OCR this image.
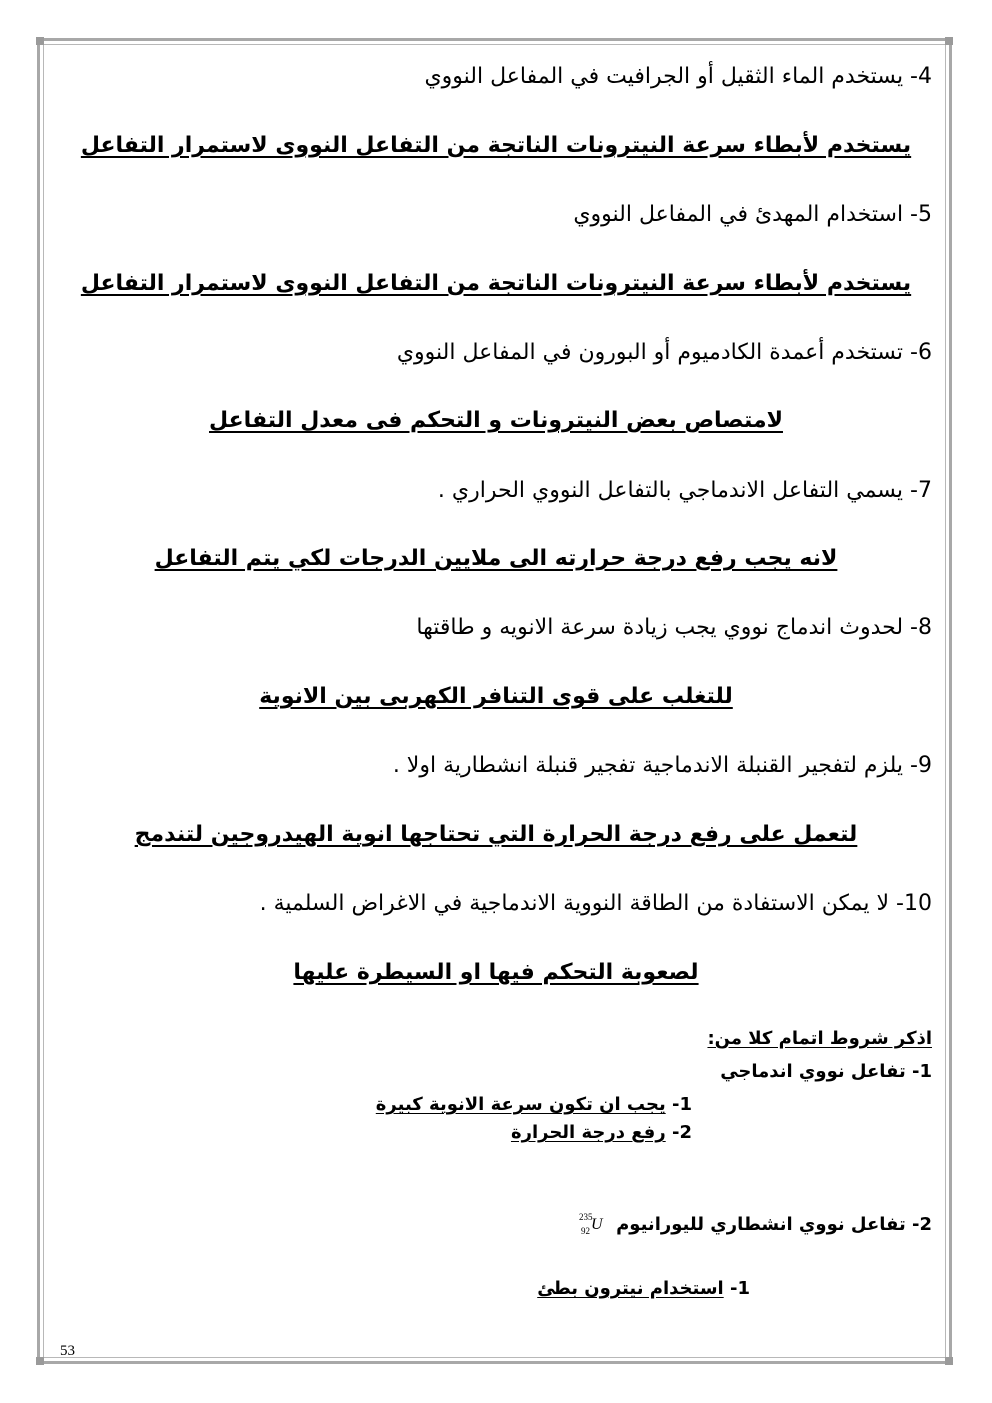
4- يستخدم الماء الثقيل أو الجرافيت في المفاعل النووي
يستخدم لأبطاء سرعة النيترونات الناتجة من التفاعل النووى لاستمرار التفاعل
5- استخدام المهدئ في المفاعل النووي
يستخدم لأبطاء سرعة النيترونات الناتجة من التفاعل النووى لاستمرار التفاعل
6- تستخدم أعمدة الكادميوم أو البورون في المفاعل النووي
لامتصاص بعض النيترونات و التحكم فى معدل التفاعل
7- يسمي التفاعل الاندماجي بالتفاعل النووي الحراري .
لانه يجب رفع درجة حرارته الى ملايين الدرجات لكي يتم التفاعل
8- لحدوث اندماج نووي يجب زيادة سرعة الانويه و طاقتها
للتغلب على قوى التنافر الكهربى بين الانوية
9- يلزم لتفجير القنبلة الاندماجية تفجير قنبلة انشطارية اولا .
لتعمل على رفع درجة الحرارة التي تحتاجها انوية الهيدروجين لتندمج
10- لا يمكن الاستفادة من الطاقة النووية الاندماجية في الاغراض السلمية .
لصعوبة التحكم فيها او السيطرة عليها
اذكر شروط اتمام كلا من:
1- تفاعل نووي اندماجي
1- يجب ان تكون سرعة الانوية كبيرة
2- رفع درجة الحرارة
2- تفاعل نووي انشطاري لليورانيوم
235
92 U
1- استخدام نيترون بطئ
53
